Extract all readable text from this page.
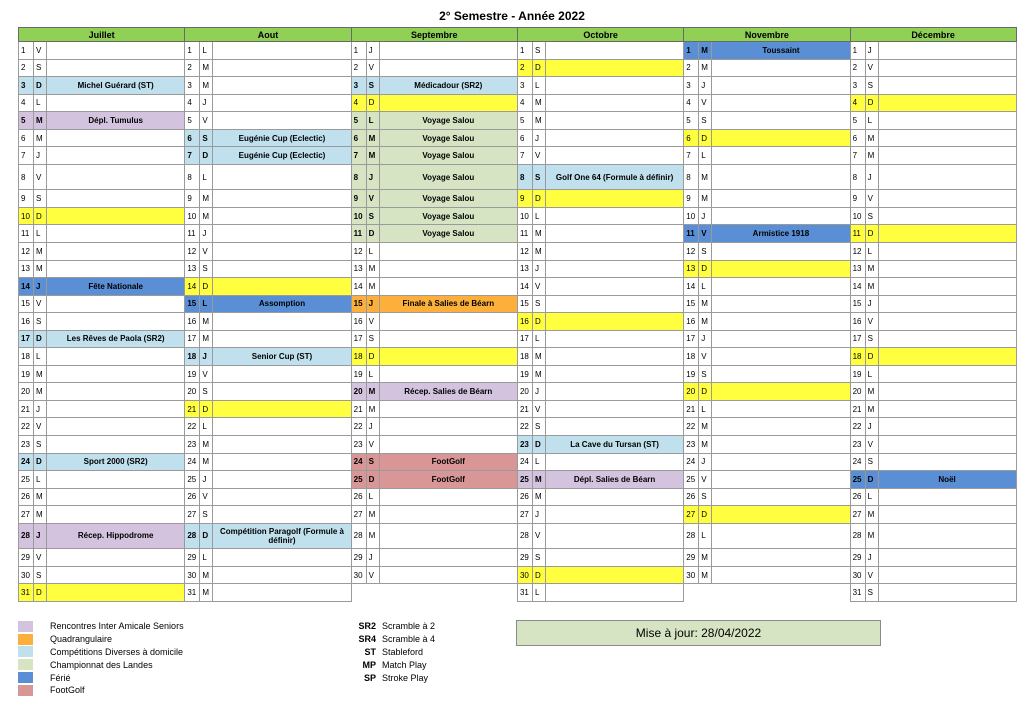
2° Semestre - Année 2022
Juillet			Aout			Septembre			Octobre			Novembre			Décembre		
1	V		1	L		1	J		1	S		1	M	Toussaint	1	J	
2	S		2	M		2	V		2	D		2	M		2	V	
3	D	Michel Guérard (ST)	3	M		3	S	Médicadour (SR2)	3	L		3	J		3	S	
4	L		4	J		4	D		4	M		4	V		4	D	
5	M	Dépl. Tumulus	5	V		5	L	Voyage Salou	5	M		5	S		5	L	
6	M		6	S	Eugénie Cup (Eclectic)	6	M	Voyage Salou	6	J		6	D		6	M	
7	J		7	D	Eugénie Cup (Eclectic)	7	M	Voyage Salou	7	V		7	L		7	M	
8	V		8	L		8	J	Voyage Salou	8	S	Golf One 64 (Formule à définir)	8	M		8	J	
9	S		9	M		9	V	Voyage Salou	9	D		9	M		9	V	
10	D		10	M		10	S	Voyage Salou	10	L		10	J		10	S	
11	L		11	J		11	D	Voyage Salou	11	M		11	V	Armistice 1918	11	D	
12	M		12	V		12	L		12	M		12	S		12	L	
13	M		13	S		13	M		13	J		13	D		13	M	
14	J	Fête Nationale	14	D		14	M		14	V		14	L		14	M	
15	V		15	L	Assomption	15	J	Finale à Salies de Béarn	15	S		15	M		15	J	
16	S		16	M		16	V		16	D		16	M		16	V	
17	D	Les Rêves de Paola (SR2)	17	M		17	S		17	L		17	J		17	S	
18	L		18	J	Senior Cup (ST)	18	D		18	M		18	V		18	D	
19	M		19	V		19	L		19	M		19	S		19	L	
20	M		20	S		20	M	Récep. Salies de Béarn	20	J		20	D		20	M	
21	J		21	D		21	M		21	V		21	L		21	M	
22	V		22	L		22	J		22	S		22	M		22	J	
23	S		23	M		23	V		23	D	La Cave du Tursan (ST)	23	M		23	V	
24	D	Sport 2000 (SR2)	24	M		24	S	FootGolf	24	L		24	J		24	S	
25	L		25	J		25	D	FootGolf	25	M	Dépl. Salies de Béarn	25	V		25	D	Noël
26	M		26	V		26	L		26	M		26	S		26	L	
27	M		27	S		27	M		27	J		27	D		27	M	
28	J	Récep. Hippodrome	28	D	Compétition Paragolf (Formule à définir)	28	M		28	V		28	L		28	M	
29	V		29	L		29	J		29	S		29	M		29	J	
30	S		30	M		30	V		30	D		30	M		30	V	
31	D		31	M					31	L					31	S	
Rencontres Inter Amicale Seniors
Quadrangulaire
Compétitions Diverses à domicile
Championnat des Landes
Férié
FootGolf
SR2 Scramble à 2
SR4 Scramble à 4
ST Stableford
MP Match Play
SP Stroke Play
Mise à jour: 28/04/2022
